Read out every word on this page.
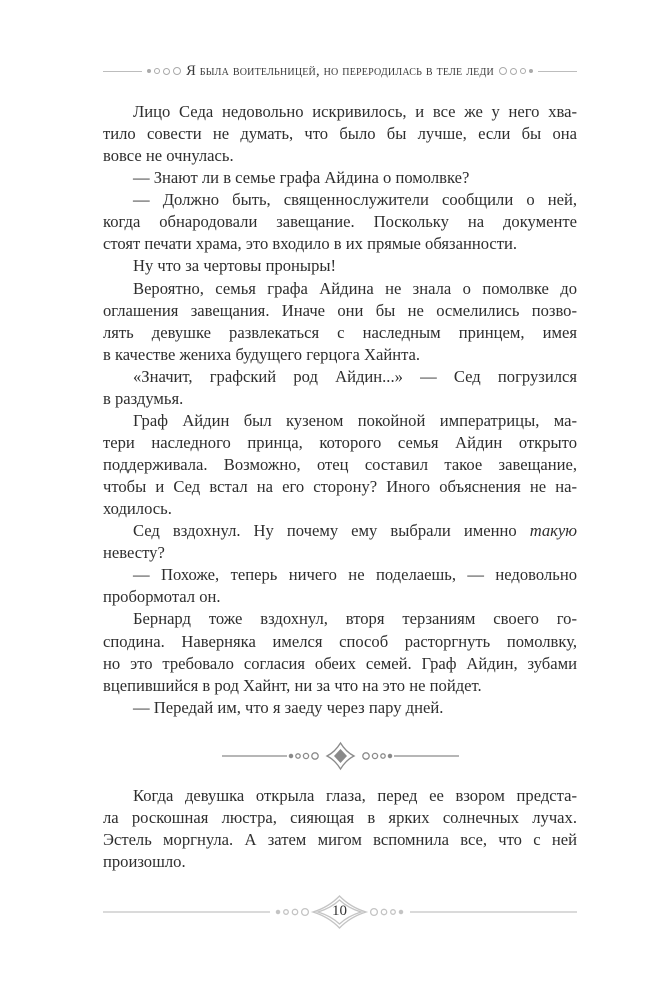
Я была воительницей, но переродилась в теле леди
Лицо Седа недовольно искривилось, и все же у него хва-
тило совести не думать, что было бы лучше, если бы она
вовсе не очнулась.
— Знают ли в семье графа Айдина о помолвке?
— Должно быть, священнослужители сообщили о ней,
когда обнародовали завещание. Поскольку на документе
стоят печати храма, это входило в их прямые обязанности.
Ну что за чертовы проныры!
Вероятно, семья графа Айдина не знала о помолвке до
оглашения завещания. Иначе они бы не осмелились позво-
лять девушке развлекаться с наследным принцем, имея
в качестве жениха будущего герцога Хайнта.
«Значит, графский род Айдин...» — Сед погрузился
в раздумья.
Граф Айдин был кузеном покойной императрицы, ма-
тери наследного принца, которого семья Айдин открыто
поддерживала. Возможно, отец составил такое завещание,
чтобы и Сед встал на его сторону? Иного объяснения не на-
ходилось.
Сед вздохнул. Ну почему ему выбрали именно такую
невесту?
— Похоже, теперь ничего не поделаешь, — недовольно
пробормотал он.
Бернард тоже вздохнул, вторя терзаниям своего го-
сподина. Наверняка имелся способ расторгнуть помолвку,
но это требовало согласия обеих семей. Граф Айдин, зубами
вцепившийся в род Хайнт, ни за что на это не пойдет.
— Передай им, что я заеду через пару дней.
Когда девушка открыла глаза, перед ее взором предста-
ла роскошная люстра, сияющая в ярких солнечных лучах.
Эстель моргнула. А затем мигом вспомнила все, что с ней
произошло.
10
